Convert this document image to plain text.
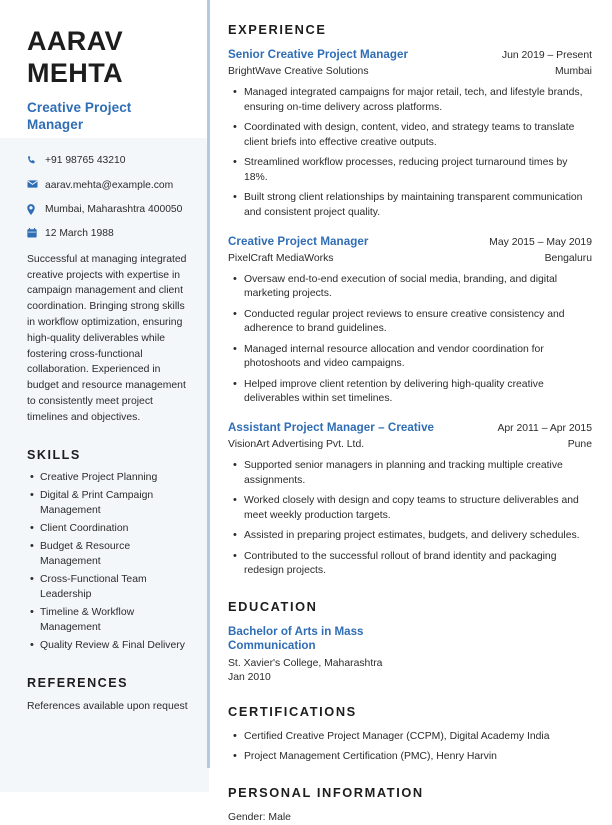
AARAV
MEHTA
Creative Project Manager
+91 98765 43210
aarav.mehta@example.com
Mumbai, Maharashtra 400050
12 March 1988

Successful at managing integrated creative projects with expertise in campaign management and client coordination. Bringing strong skills in workflow optimization, ensuring high-quality deliverables while fostering cross-functional collaboration. Experienced in budget and resource management to consistently meet project timelines and objectives.

SKILLS
• Creative Project Planning
• Digital & Print Campaign Management
• Client Coordination
• Budget & Resource Management
• Cross-Functional Team Leadership
• Timeline & Workflow Management
• Quality Review & Final Delivery
REFERENCES

References available upon request

EXPERIENCE
Senior Creative Project Manager	Jun 2019 – Present
BrightWave Creative Solutions	Mumbai
• Managed integrated campaigns for major retail, tech, and lifestyle brands, ensuring on-time delivery across platforms.
• Coordinated with design, content, video, and strategy teams to translate client briefs into effective creative outputs.
• Streamlined workflow processes, reducing project turnaround times by 18%.
• Built strong client relationships by maintaining transparent communication and consistent project quality.
Creative Project Manager	May 2015 – May 2019
PixelCraft MediaWorks	Bengaluru
• Oversaw end-to-end execution of social media, branding, and digital marketing projects.
• Conducted regular project reviews to ensure creative consistency and adherence to brand guidelines.
• Managed internal resource allocation and vendor coordination for photoshoots and video campaigns.
• Helped improve client retention by delivering high-quality creative deliverables within set timelines.
Assistant Project Manager – Creative	Apr 2011 – Apr 2015
VisionArt Advertising Pvt. Ltd.	Pune
• Supported senior managers in planning and tracking multiple creative assignments.
• Worked closely with design and copy teams to structure deliverables and meet weekly production targets.
• Assisted in preparing project estimates, budgets, and delivery schedules.
• Contributed to the successful rollout of brand identity and packaging redesign projects.
EDUCATION
Bachelor of Arts in Mass Communication
St. Xavier's College, Maharashtra
Jan 2010
CERTIFICATIONS
• Certified Creative Project Manager (CCPM), Digital Academy India
• Project Management Certification (PMC), Henry Harvin
PERSONAL INFORMATION
Gender: Male
